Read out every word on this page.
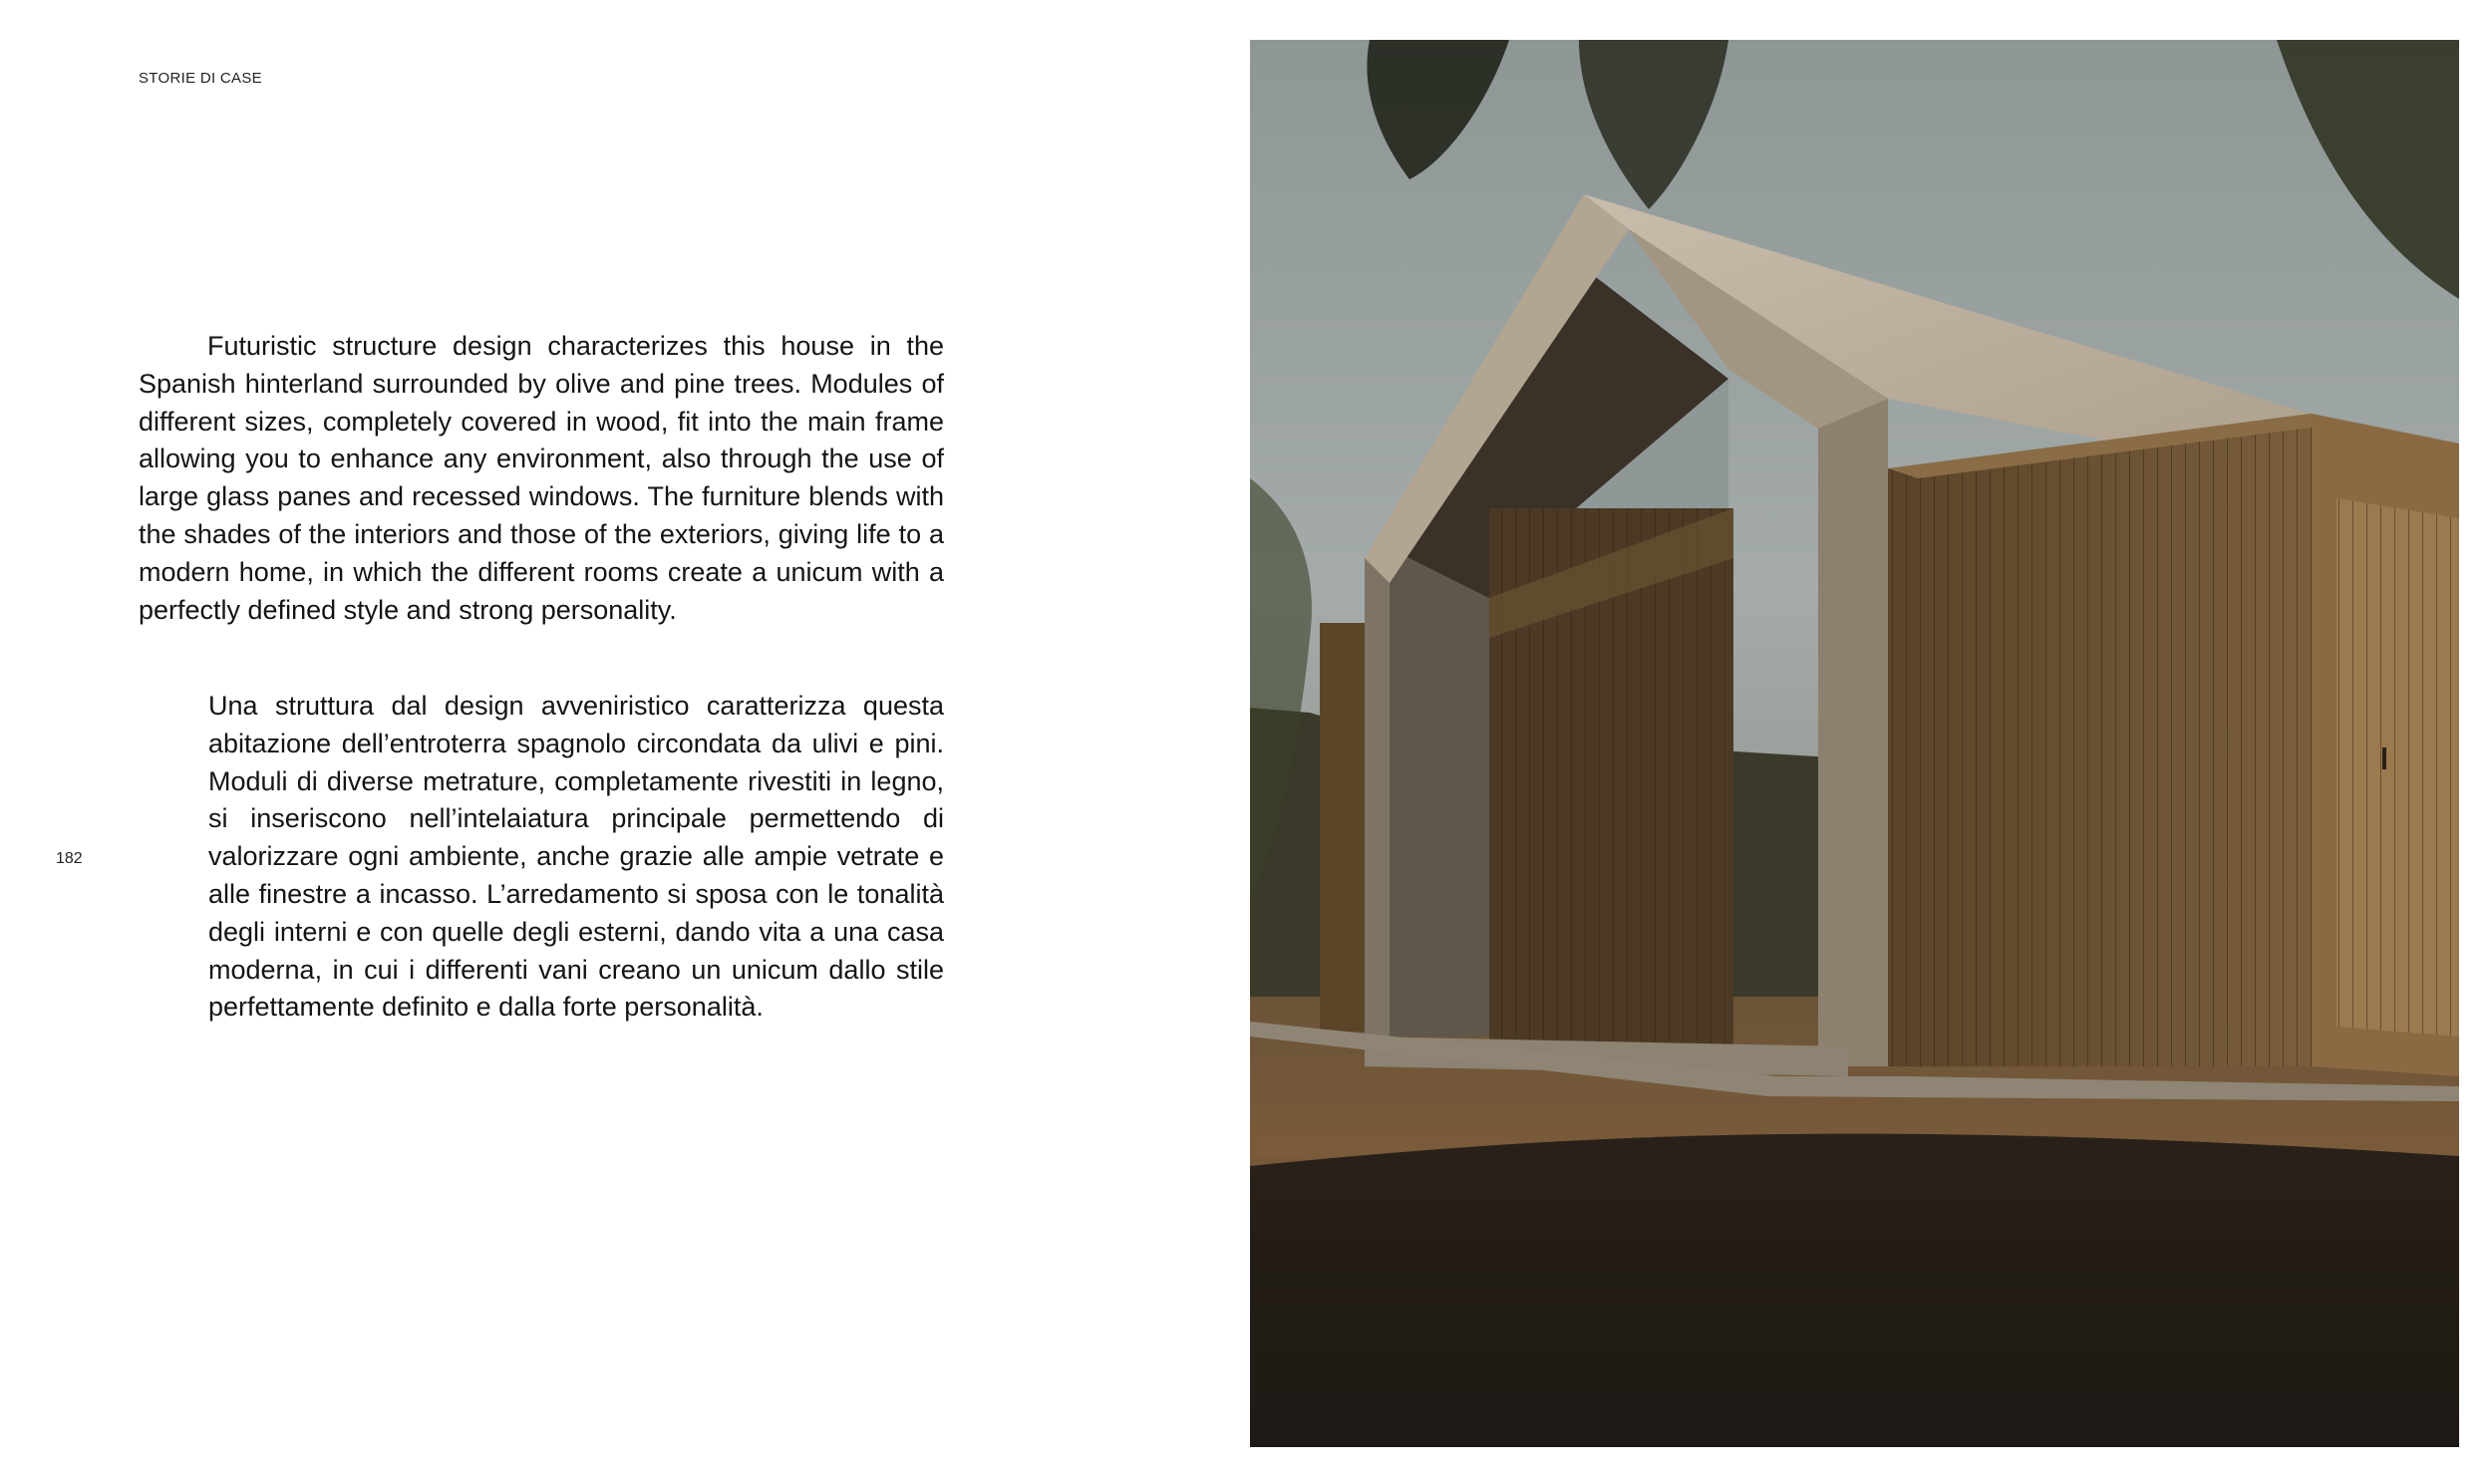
STORIE DI CASE
182

Futuristic structure design characterizes this house in the Spanish hinterland surrounded by olive and pine trees. Modules of different sizes, completely covered in wood, fit into the main frame allowing you to enhance any environment, also through the use of large glass panes and recessed windows. The furniture blends with the shades of the interiors and those of the exteriors, giving life to a modern home, in which the different rooms create a unicum with a perfectly defined style and strong personality.

Una struttura dal design avveniristico caratterizza questa abitazione dell’entroterra spagnolo circondata da ulivi e pini. Moduli di diverse metrature, completamente rivestiti in legno, si inseriscono nell’intelaiatura principale permettendo di valorizzare ogni ambiente, anche grazie alle ampie vetrate e alle finestre a incasso. L’arredamento si sposa con le tonalità degli interni e con quelle degli esterni, dando vita a una casa moderna, in cui i differenti vani creano un unicum dallo stile perfettamente definito e dalla forte personalità.
